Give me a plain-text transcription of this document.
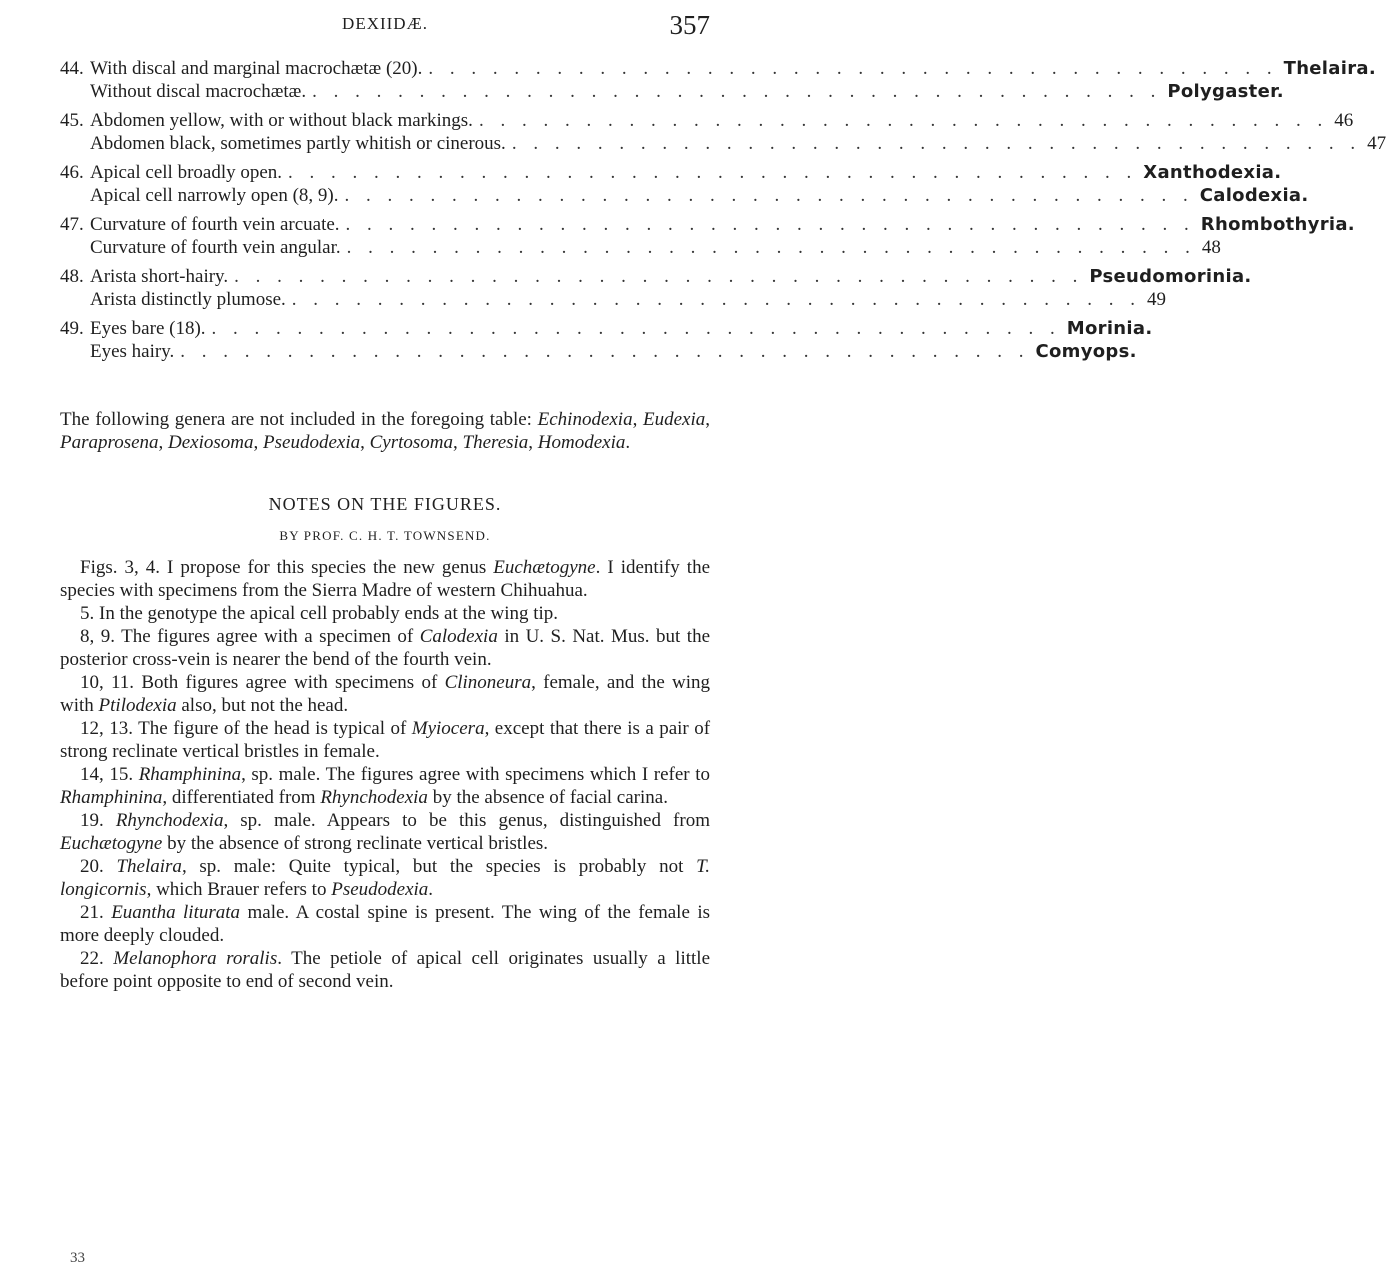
DEXIIDÆ.	357
44. With discal and marginal macrochætæ (20). . . . . . . . . . . . . . . . . . . . . . . . . . . . . . . . . . . . . . . . . Thelaira.
Without discal macrochætæ. . . . . . . . . . . . . . . . . . . . . . . . . . . . . . . . . . . . . . . . . Polygaster.
45. Abdomen yellow, with or without black markings. . . . . . . . . . . . . . . . . . . . . . . . . . . . . . . . . . . . . . . . . 46
Abdomen black, sometimes partly whitish or cinerous. . . . . . . . . . . . . . . . . . . . . . . . . . . . . . . . . . . . . . . . . 47
46. Apical cell broadly open. . . . . . . . . . . . . . . . . . . . . . . . . . . . . . . . . . . . . . . . . Xanthodexia.
Apical cell narrowly open (8, 9). . . . . . . . . . . . . . . . . . . . . . . . . . . . . . . . . . . . . . . . . Calodexia.
47. Curvature of fourth vein arcuate. . . . . . . . . . . . . . . . . . . . . . . . . . . . . . . . . . . . . . . . . Rhombothyria.
Curvature of fourth vein angular. . . . . . . . . . . . . . . . . . . . . . . . . . . . . . . . . . . . . . . . . 48
48. Arista short-hairy. . . . . . . . . . . . . . . . . . . . . . . . . . . . . . . . . . . . . . . . . Pseudomorinia.
Arista distinctly plumose. . . . . . . . . . . . . . . . . . . . . . . . . . . . . . . . . . . . . . . . . 49
49. Eyes bare (18). . . . . . . . . . . . . . . . . . . . . . . . . . . . . . . . . . . . . . . . . Morinia.
Eyes hairy. . . . . . . . . . . . . . . . . . . . . . . . . . . . . . . . . . . . . . . . . Comyops.
The following genera are not included in the foregoing table: Echinodexia, Eudexia, Paraprosena, Dexiosoma, Pseudodexia, Cyrtosoma, Theresia, Homodexia.
NOTES ON THE FIGURES.
BY PROF. C. H. T. TOWNSEND.

Figs. 3, 4. I propose for this species the new genus Euchætogyne. I identify the species with specimens from the Sierra Madre of western Chihuahua.

5. In the genotype the apical cell probably ends at the wing tip.

8, 9. The figures agree with a specimen of Calodexia in U. S. Nat. Mus. but the posterior cross-vein is nearer the bend of the fourth vein.

10, 11. Both figures agree with specimens of Clinoneura, female, and the wing with Ptilodexia also, but not the head.

12, 13. The figure of the head is typical of Myiocera, except that there is a pair of strong reclinate vertical bristles in female.

14, 15. Rhamphinina, sp. male. The figures agree with specimens which I refer to Rhamphinina, differentiated from Rhynchodexia by the absence of facial carina.

19. Rhynchodexia, sp. male. Appears to be this genus, distinguished from Euchætogyne by the absence of strong reclinate vertical bristles.

20. Thelaira, sp. male: Quite typical, but the species is probably not T. longicornis, which Brauer refers to Pseudodexia.

21. Euantha liturata male. A costal spine is present. The wing of the female is more deeply clouded.

22. Melanophora roralis. The petiole of apical cell originates usually a little before point opposite to end of second vein.

33
